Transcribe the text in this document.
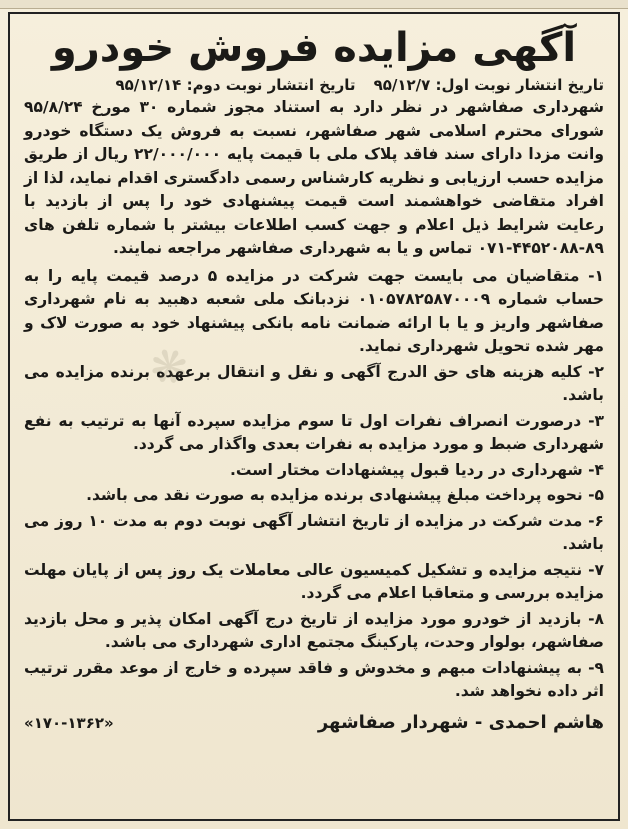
آگهی مزایده فروش خودرو
تاریخ انتشار نوبت اول: ۹۵/۱۲/۷
تاریخ انتشار نوبت دوم: ۹۵/۱۲/۱۴
شهرداری صفاشهر در نظر دارد به استناد مجوز شماره ۳۰ مورخ ۹۵/۸/۲۴ شورای محترم اسلامی شهر صفاشهر، نسبت به فروش یک دستگاه خودرو وانت مزدا دارای سند فاقد پلاک ملی با قیمت پایه ۲۲/۰۰۰/۰۰۰ ریال از طریق مزایده حسب ارزیابی و نظریه کارشناس رسمی دادگستری اقدام نماید، لذا از افراد متقاضی خواهشمند است قیمت پیشنهادی خود را پس از بازدید با رعایت شرایط ذیل اعلام و جهت کسب اطلاعات بیشتر با شماره تلفن های ۸۹-۴۴۵۲۰۸۸-۰۷۱ تماس و یا به شهرداری صفاشهر مراجعه نمایند.
۱- متقاضیان می بایست جهت شرکت در مزایده ۵ درصد قیمت پایه را به حساب شماره ۰۱۰۵۷۸۲۵۸۷۰۰۰۹ نزدبانک ملی شعبه دهبید به نام شهرداری صفاشهر واریز و یا با ارائه ضمانت نامه بانکی پیشنهاد خود به صورت لاک و مهر شده تحویل شهرداری نماید.
۲- کلیه هزینه های حق الدرج آگهی و نقل و انتقال برعهده برنده مزایده می باشد.
۳- درصورت انصراف نفرات اول تا سوم مزایده سپرده آنها به ترتیب به نفع شهرداری ضبط و مورد مزایده به نفرات بعدی واگذار می گردد.
۴- شهرداری در ردیا قبول پیشنهادات مختار است.
۵- نحوه پرداخت مبلغ پیشنهادی برنده مزایده به صورت نقد می باشد.
۶- مدت شرکت در مزایده از تاریخ انتشار آگهی نوبت دوم به مدت ۱۰ روز می باشد.
۷- نتیجه مزایده و تشکیل کمیسیون عالی معاملات یک روز پس از پایان مهلت مزایده بررسی و متعاقبا اعلام می گردد.
۸- بازدید از خودرو مورد مزایده از تاریخ درج آگهی امکان پذیر و محل بازدید صفاشهر، بولوار وحدت، پارکینگ مجتمع اداری شهرداری می باشد.
۹- به پیشنهادات مبهم و مخدوش و فاقد سپرده و خارج از موعد مقرر ترتیب اثر داده نخواهد شد.
هاشم احمدی - شهردار صفاشهر
«۱۷۰-۱۳۶۲»
❋
